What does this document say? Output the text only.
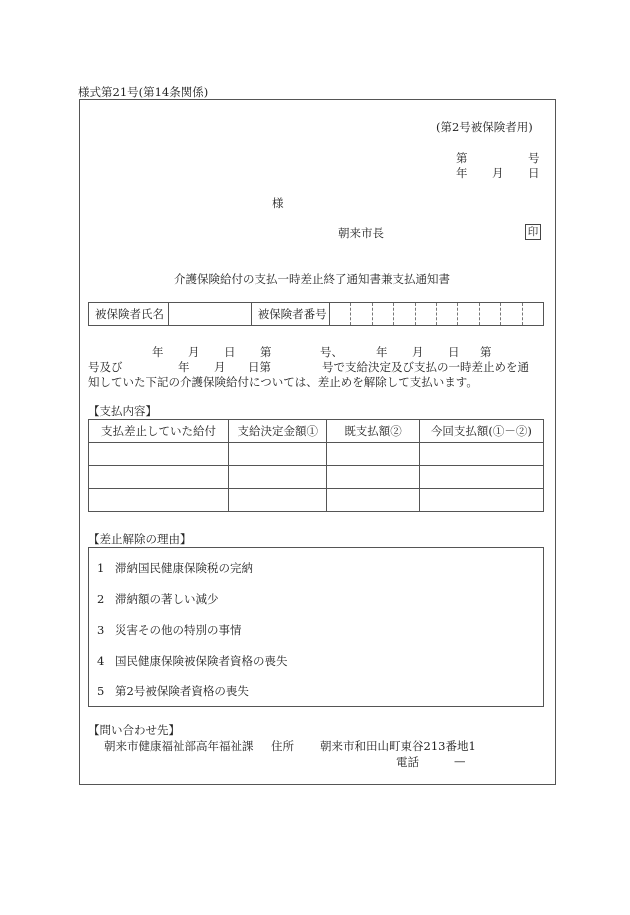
様式第21号(第14条関係)
(第2号被保険者用)
第	号
年 月 日
様
朝来市長	印
介護保険給付の支払一時差止終了通知書兼支払通知書
被保険者氏名		被保険者番号										
年 月 日 第	号、	年 月 日 第
号及び	年 月 日第	号で支給決定及び支払の一時差止めを通
知していた下記の介護保険給付については、差止めを解除して支払います。
【支払内容】
支払差止していた給付	支給決定金額①	既支払額②	今回支払額(①－②)

【差止解除の理由】
1 滞納国民健康保険税の完納
2 滞納額の著しい減少
3 災害その他の特別の事情
4 国民健康保険被保険者資格の喪失
5 第2号被保険者資格の喪失
【問い合わせ先】
朝来市健康福祉部高年福祉課 住所 朝来市和田山町東谷213番地1
電話	—
